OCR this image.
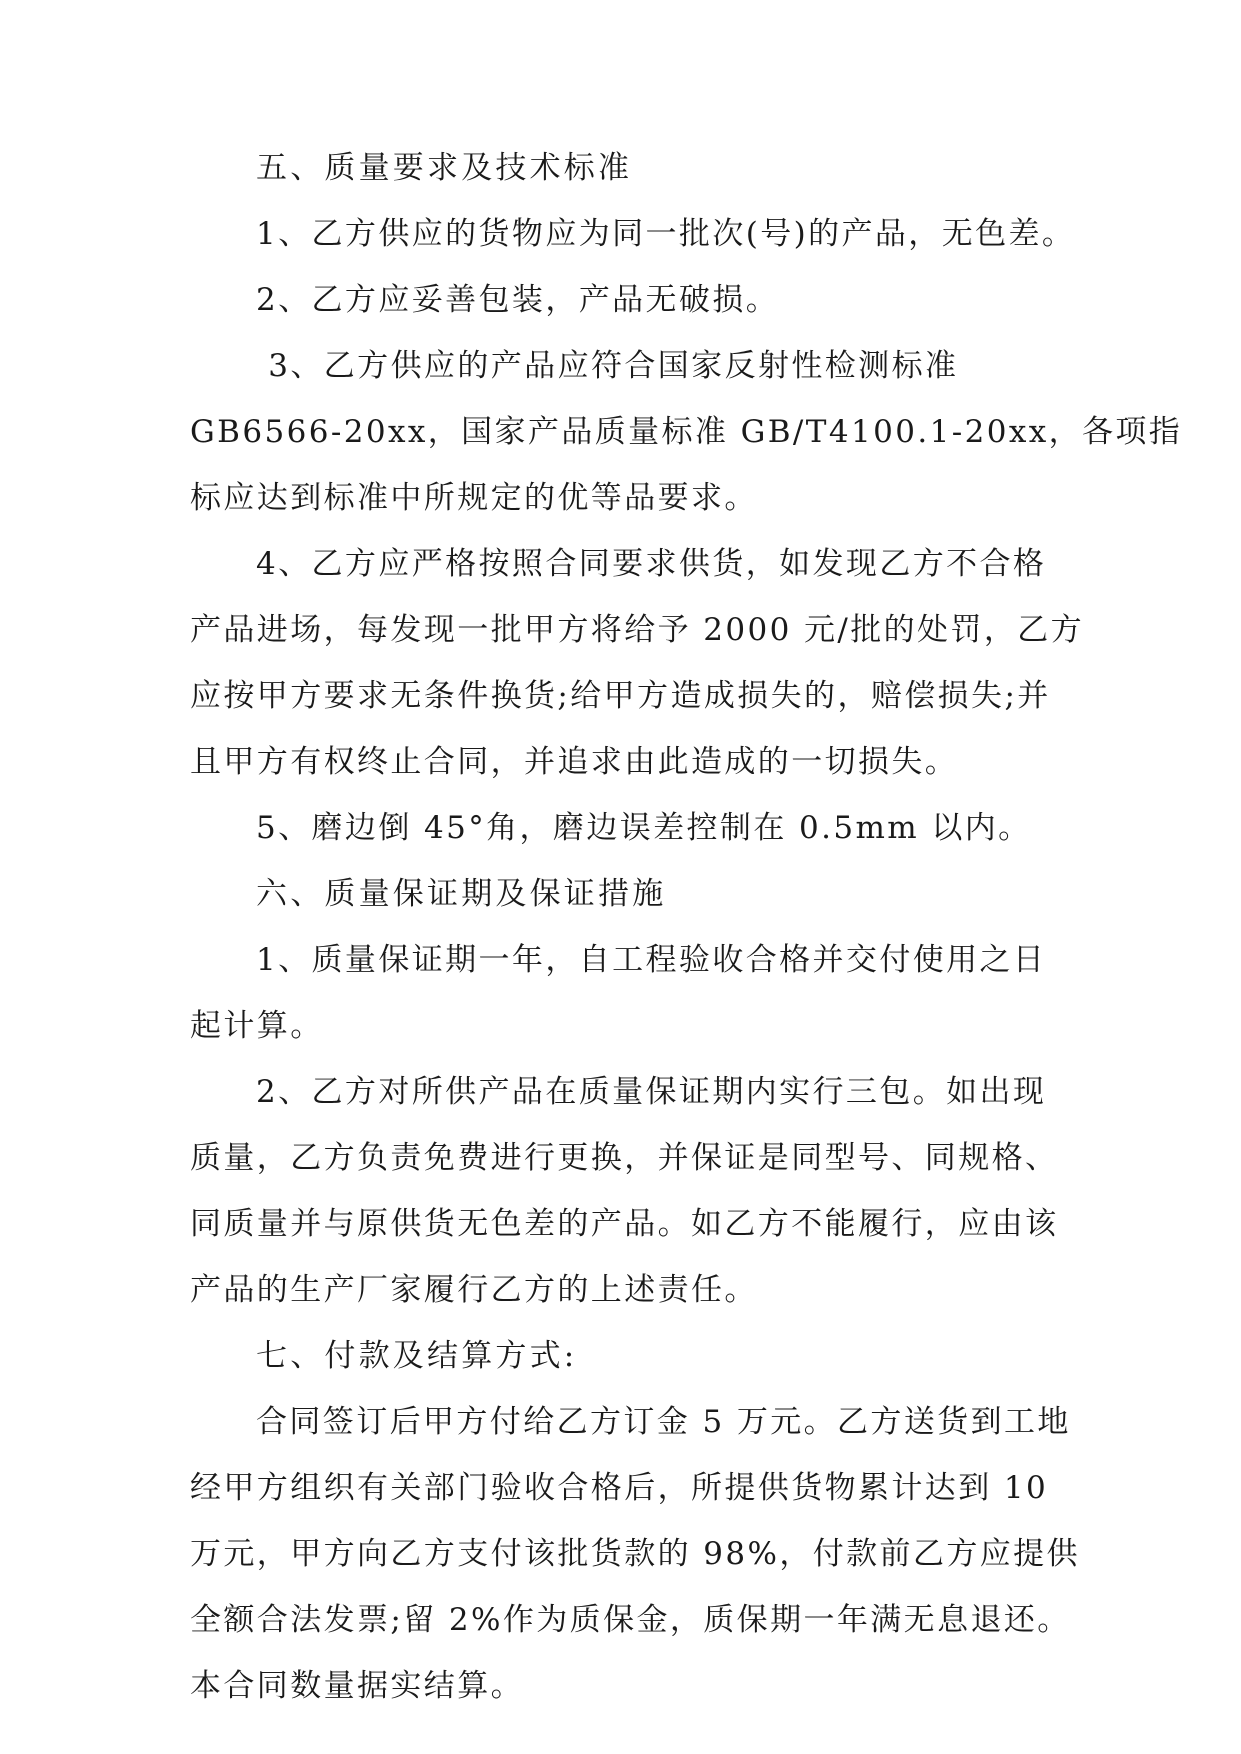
五、质量要求及技术标准
1、乙方供应的货物应为同一批次(号)的产品，无色差。
2、乙方应妥善包装，产品无破损。
3、乙方供应的产品应符合国家反射性检测标准
GB6566-20xx，国家产品质量标准 GB/T4100.1-20xx，各项指
标应达到标准中所规定的优等品要求。
4、乙方应严格按照合同要求供货，如发现乙方不合格
产品进场，每发现一批甲方将给予 2000 元/批的处罚，乙方
应按甲方要求无条件换货;给甲方造成损失的，赔偿损失;并
且甲方有权终止合同，并追求由此造成的一切损失。
5、磨边倒 45°角，磨边误差控制在 0.5mm 以内。
六、质量保证期及保证措施
1、质量保证期一年，自工程验收合格并交付使用之日
起计算。
2、乙方对所供产品在质量保证期内实行三包。如出现
质量，乙方负责免费进行更换，并保证是同型号、同规格、
同质量并与原供货无色差的产品。如乙方不能履行，应由该
产品的生产厂家履行乙方的上述责任。
七、付款及结算方式:
合同签订后甲方付给乙方订金 5 万元。乙方送货到工地
经甲方组织有关部门验收合格后，所提供货物累计达到 10
万元，甲方向乙方支付该批货款的 98%，付款前乙方应提供
全额合法发票;留 2%作为质保金，质保期一年满无息退还。
本合同数量据实结算。
